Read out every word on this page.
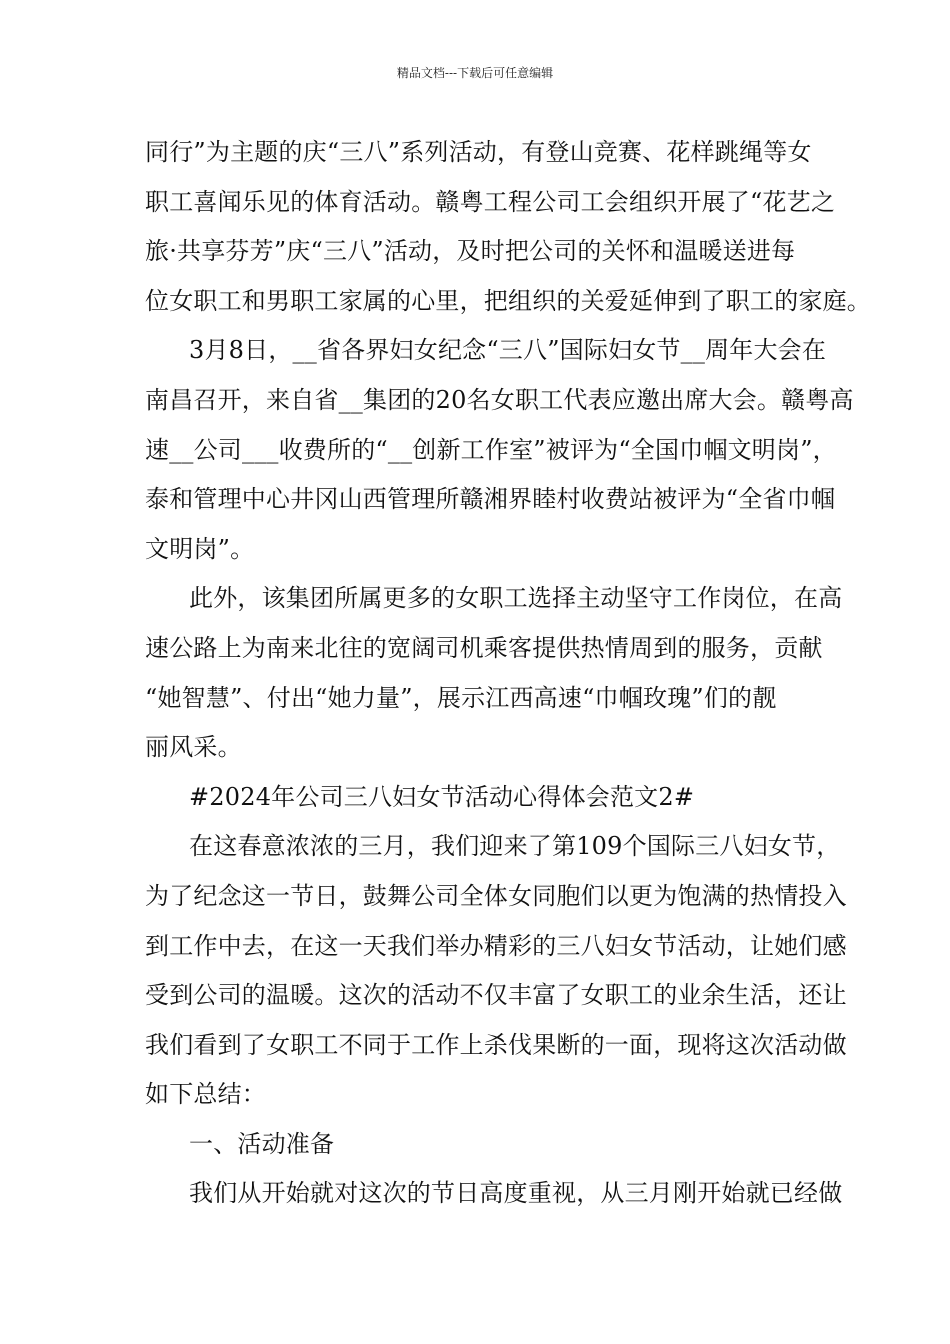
精品文档---下载后可任意编辑

同行”为主题的庆“三八”系列活动，有登山竞赛、花样跳绳等女

职工喜闻乐见的体育活动。赣粤工程公司工会组织开展了“花艺之

旅·共享芬芳”庆“三八”活动，及时把公司的关怀和温暖送进每

位女职工和男职工家属的心里，把组织的关爱延伸到了职工的家庭。

3月8日，__省各界妇女纪念“三八”国际妇女节__周年大会在

南昌召开，来自省__集团的20名女职工代表应邀出席大会。赣粤高

速__公司___收费所的“__创新工作室”被评为“全国巾帼文明岗”，

泰和管理中心井冈山西管理所赣湘界睦村收费站被评为“全省巾帼

文明岗”。

此外，该集团所属更多的女职工选择主动坚守工作岗位，在高

速公路上为南来北往的宽阔司机乘客提供热情周到的服务，贡献

“她智慧”、付出“她力量”，展示江西高速“巾帼玫瑰”们的靓

丽风采。

#2024年公司三八妇女节活动心得体会范文2#

在这春意浓浓的三月，我们迎来了第109个国际三八妇女节，

为了纪念这一节日，鼓舞公司全体女同胞们以更为饱满的热情投入

到工作中去，在这一天我们举办精彩的三八妇女节活动，让她们感

受到公司的温暖。这次的活动不仅丰富了女职工的业余生活，还让

我们看到了女职工不同于工作上杀伐果断的一面，现将这次活动做

如下总结：

一、活动准备

我们从开始就对这次的节日高度重视，从三月刚开始就已经做
